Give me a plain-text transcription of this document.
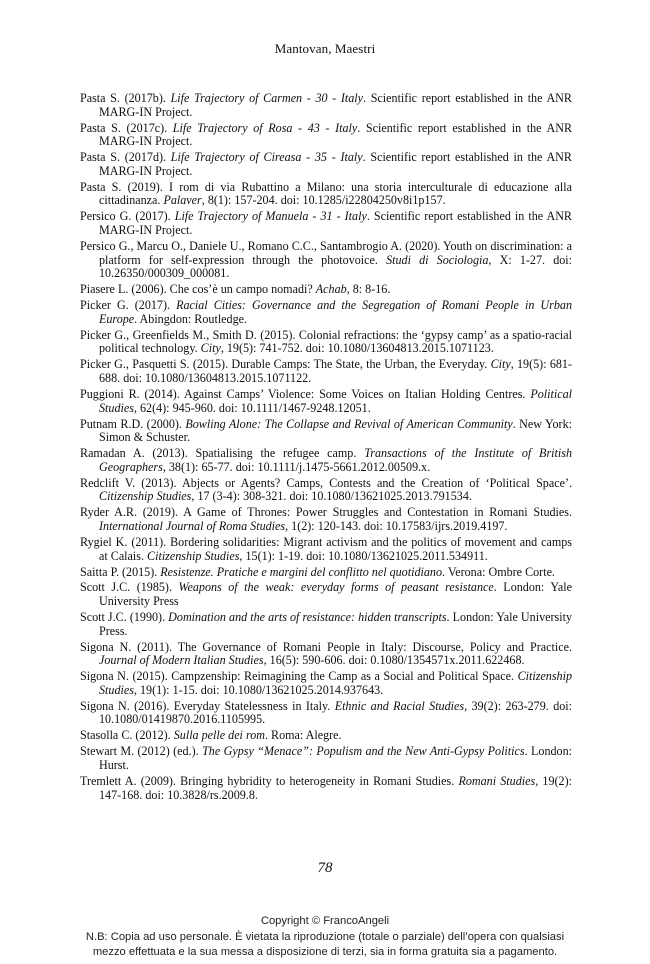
Mantovan, Maestri
Pasta S. (2017b). Life Trajectory of Carmen - 30 - Italy. Scientific report established in the ANR MARG-IN Project.
Pasta S. (2017c). Life Trajectory of Rosa - 43 - Italy. Scientific report established in the ANR MARG-IN Project.
Pasta S. (2017d). Life Trajectory of Cireasa - 35 - Italy. Scientific report established in the ANR MARG-IN Project.
Pasta S. (2019). I rom di via Rubattino a Milano: una storia interculturale di educazione alla cittadinanza. Palaver, 8(1): 157-204. doi: 10.1285/i22804250v8i1p157.
Persico G. (2017). Life Trajectory of Manuela - 31 - Italy. Scientific report established in the ANR MARG-IN Project.
Persico G., Marcu O., Daniele U., Romano C.C., Santambrogio A. (2020). Youth on discrimination: a platform for self-expression through the photovoice. Studi di Sociologia, X: 1-27. doi: 10.26350/000309_000081.
Piasere L. (2006). Che cos’è un campo nomadi? Achab, 8: 8-16.
Picker G. (2017). Racial Cities: Governance and the Segregation of Romani People in Urban Europe. Abingdon: Routledge.
Picker G., Greenfields M., Smith D. (2015). Colonial refractions: the ‘gypsy camp’ as a spatio-racial political technology. City, 19(5): 741-752. doi: 10.1080/13604813.2015.1071123.
Picker G., Pasquetti S. (2015). Durable Camps: The State, the Urban, the Everyday. City, 19(5): 681-688. doi: 10.1080/13604813.2015.1071122.
Puggioni R. (2014). Against Camps’ Violence: Some Voices on Italian Holding Centres. Political Studies, 62(4): 945-960. doi: 10.1111/1467-9248.12051.
Putnam R.D. (2000). Bowling Alone: The Collapse and Revival of American Community. New York: Simon & Schuster.
Ramadan A. (2013). Spatialising the refugee camp. Transactions of the Institute of British Geographers, 38(1): 65-77. doi: 10.1111/j.1475-5661.2012.00509.x.
Redclift V. (2013). Abjects or Agents? Camps, Contests and the Creation of ‘Political Space’. Citizenship Studies, 17 (3-4): 308-321. doi: 10.1080/13621025.2013.791534.
Ryder A.R. (2019). A Game of Thrones: Power Struggles and Contestation in Romani Studies. International Journal of Roma Studies, 1(2): 120-143. doi: 10.17583/ijrs.2019.4197.
Rygiel K. (2011). Bordering solidarities: Migrant activism and the politics of movement and camps at Calais. Citizenship Studies, 15(1): 1-19. doi: 10.1080/13621025.2011.534911.
Saitta P. (2015). Resistenze. Pratiche e margini del conflitto nel quotidiano. Verona: Ombre Corte.
Scott J.C. (1985). Weapons of the weak: everyday forms of peasant resistance. London: Yale University Press
Scott J.C. (1990). Domination and the arts of resistance: hidden transcripts. London: Yale University Press.
Sigona N. (2011). The Governance of Romani People in Italy: Discourse, Policy and Practice. Journal of Modern Italian Studies, 16(5): 590-606. doi: 0.1080/1354571x.2011.622468.
Sigona N. (2015). Campzenship: Reimagining the Camp as a Social and Political Space. Citizenship Studies, 19(1): 1-15. doi: 10.1080/13621025.2014.937643.
Sigona N. (2016). Everyday Statelessness in Italy. Ethnic and Racial Studies, 39(2): 263-279. doi: 10.1080/01419870.2016.1105995.
Stasolla C. (2012). Sulla pelle dei rom. Roma: Alegre.
Stewart M. (2012) (ed.). The Gypsy “Menace”: Populism and the New Anti-Gypsy Politics. London: Hurst.
Tremlett A. (2009). Bringing hybridity to heterogeneity in Romani Studies. Romani Studies, 19(2): 147-168. doi: 10.3828/rs.2009.8.
78
Copyright © FrancoAngeli
N.B: Copia ad uso personale. È vietata la riproduzione (totale o parziale) dell’opera con qualsiasi
mezzo effettuata e la sua messa a disposizione di terzi, sia in forma gratuita sia a pagamento.
